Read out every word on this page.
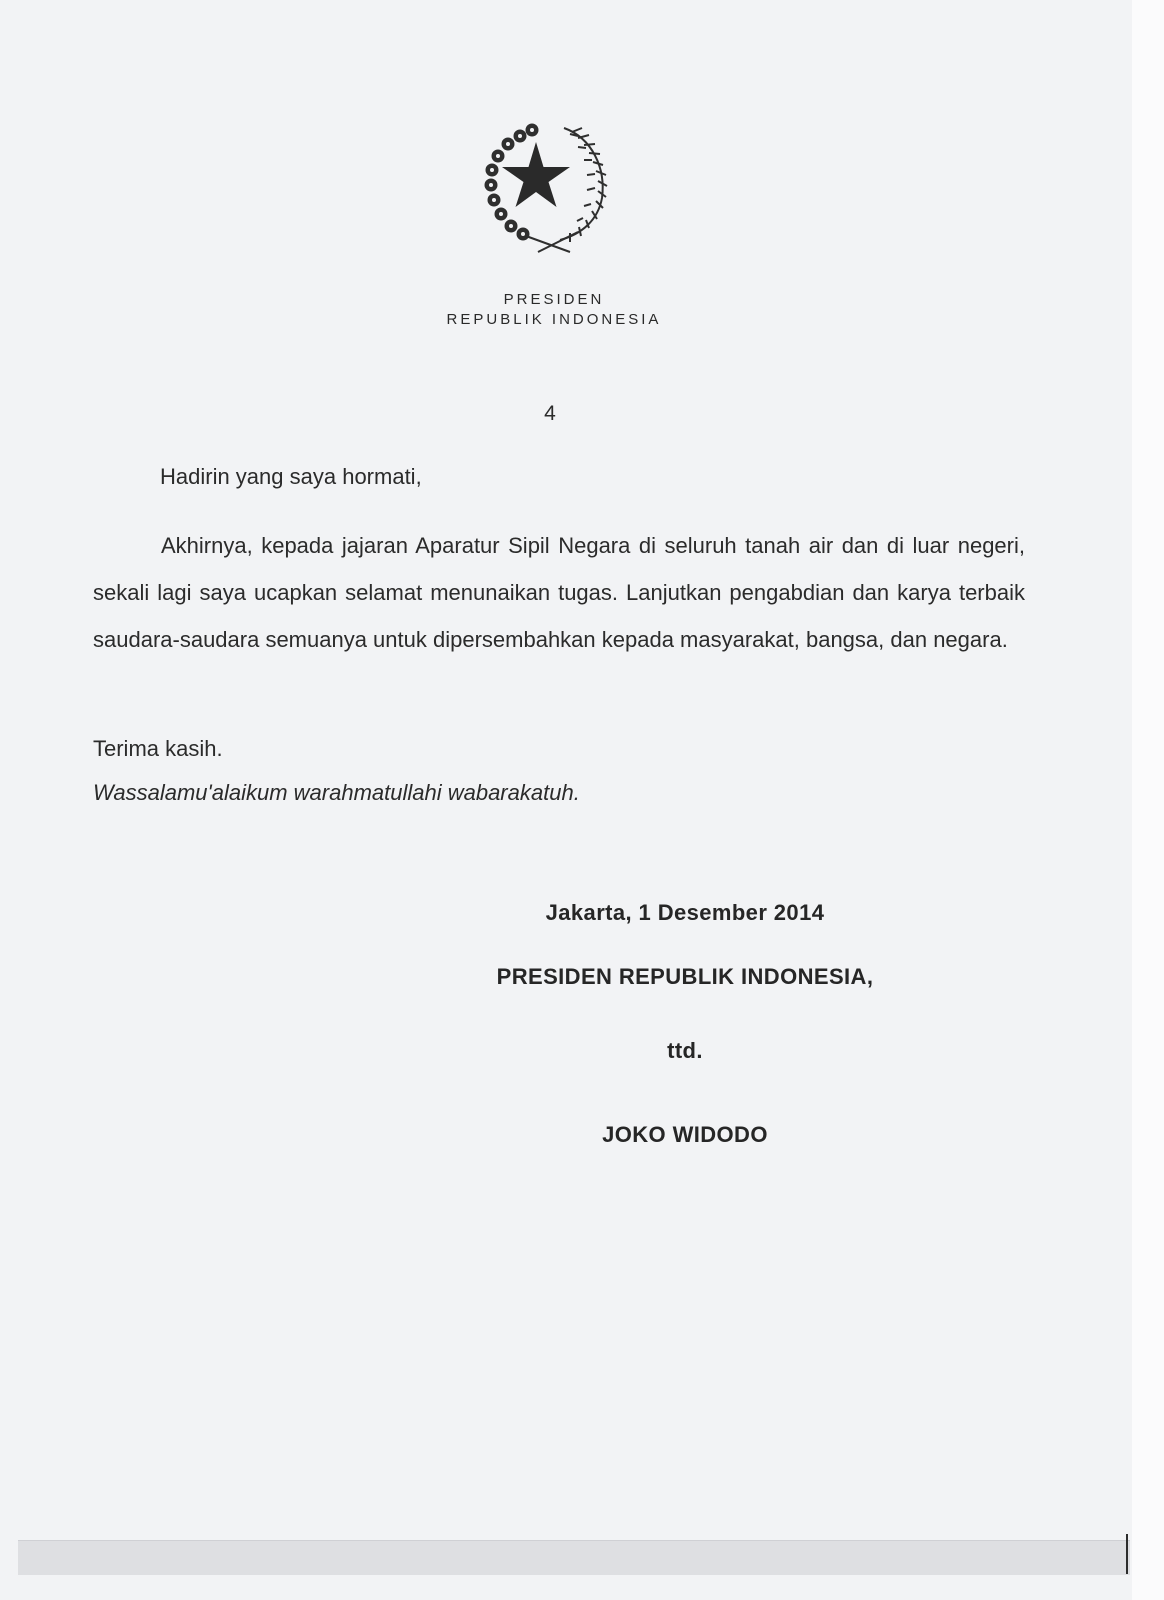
PRESIDEN
REPUBLIK INDONESIA
4
Hadirin yang saya hormati,

Akhirnya, kepada jajaran Aparatur Sipil Negara di seluruh tanah air dan di luar negeri, sekali lagi saya ucapkan selamat menunaikan tugas. Lanjutkan pengabdian dan karya terbaik saudara-saudara semuanya untuk dipersembahkan kepada masyarakat, bangsa, dan negara.

Terima kasih.
Wassalamu'alaikum warahmatullahi wabarakatuh.
Jakarta, 1 Desember 2014
PRESIDEN REPUBLIK INDONESIA,
ttd.
JOKO WIDODO
